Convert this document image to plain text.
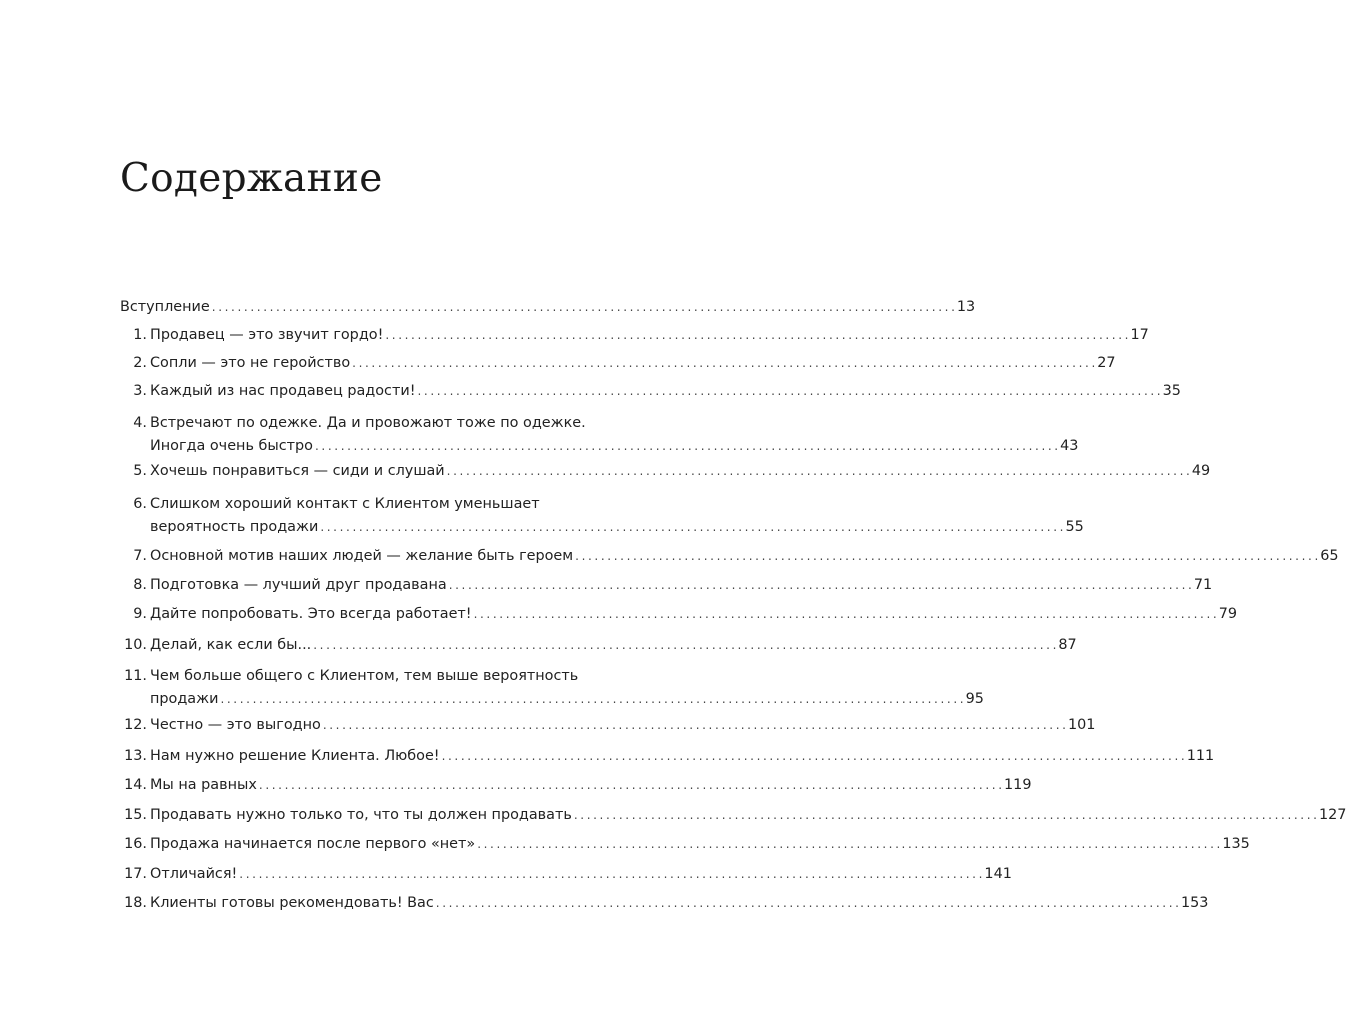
Содержание
Вступление . . .	13
1. Продавец — это звучит гордо! . . .	17
2. Сопли — это не геройство . . .	27
3. Каждый из нас продавец радости! . . .	35
4. Встречают по одежке. Да и провожают тоже по одежке.
Иногда очень быстро . . .	43
5. Хочешь понравиться — сиди и слушай . . .	49
6. Слишком хороший контакт с Клиентом уменьшает
вероятность продажи . . .	55
7. Основной мотив наших людей — желание быть героем . . .	65
8. Подготовка — лучший друг продавана . . .	71
9. Дайте попробовать. Это всегда работает! . . .	79
10. Делай, как если бы... . . .	87
11. Чем больше общего с Клиентом, тем выше вероятность
продажи . . .	95
12. Честно — это выгодно . . .	101
13. Нам нужно решение Клиента. Любое! . . .	111
14. Мы на равных . . .	119
15. Продавать нужно только то, что ты должен продавать . . .	127
16. Продажа начинается после первого «нет» . . .	135
17. Отличайся! . . .	141
18. Клиенты готовы рекомендовать! Вас . . .	153
